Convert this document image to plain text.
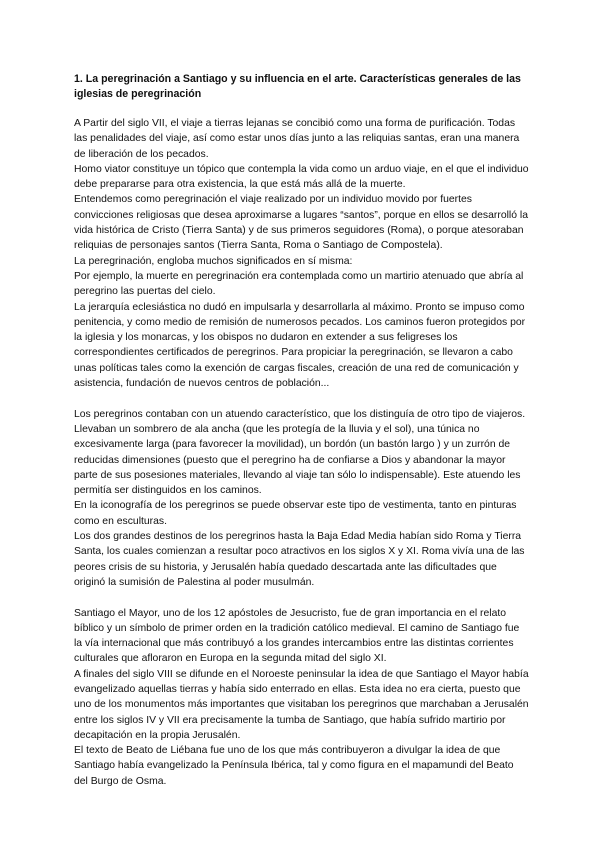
1. La peregrinación a Santiago y su influencia en el arte. Características generales de las iglesias de peregrinación

A Partir del siglo VII, el viaje a tierras lejanas se concibió como una forma de purificación. Todas las penalidades del viaje, así como estar unos días junto a las reliquias santas, eran una manera de liberación de los pecados.

Homo viator constituye un tópico que contempla la vida como un arduo viaje, en el que el individuo debe prepararse para otra existencia, la que está más allá de la muerte.

Entendemos como peregrinación el viaje realizado por un individuo movido por fuertes convicciones religiosas que desea aproximarse a lugares “santos”, porque en ellos se desarrolló la vida histórica de Cristo (Tierra Santa) y de sus primeros seguidores (Roma), o porque atesoraban reliquias de personajes santos (Tierra Santa, Roma o Santiago de Compostela).

La peregrinación, engloba muchos significados en sí misma:

Por ejemplo, la muerte en peregrinación era contemplada como un martirio atenuado que abría al peregrino las puertas del cielo.

La jerarquía eclesiástica no dudó en impulsarla y desarrollarla al máximo. Pronto se impuso como penitencia, y como medio de remisión de numerosos pecados. Los caminos fueron protegidos por la iglesia y los monarcas, y los obispos no dudaron en extender a sus feligreses los correspondientes certificados de peregrinos. Para propiciar la peregrinación, se llevaron a cabo unas políticas tales como la exención de cargas fiscales, creación de una red de comunicación y asistencia, fundación de nuevos centros de población...

Los peregrinos contaban con un atuendo característico, que los distinguía de otro tipo de viajeros. Llevaban un sombrero de ala ancha (que les protegía de la lluvia y el sol), una túnica no excesivamente larga (para favorecer la movilidad), un bordón (un bastón largo ) y un zurrón de reducidas dimensiones (puesto que el peregrino ha de confiarse a Dios y abandonar la mayor parte de sus posesiones materiales, llevando al viaje tan sólo lo indispensable). Este atuendo les permitía ser distinguidos en los caminos.

En la iconografía de los peregrinos se puede observar este tipo de vestimenta, tanto en pinturas como en esculturas.

Los dos grandes destinos de los peregrinos hasta la Baja Edad Media habían sido Roma y Tierra Santa, los cuales comienzan a resultar poco atractivos en los siglos X y XI. Roma vivía una de las peores crisis de su historia, y Jerusalén había quedado descartada ante las dificultades que originó la sumisión de Palestina al poder musulmán.

Santiago el Mayor, uno de los 12 apóstoles de Jesucristo, fue de gran importancia en el relato bíblico y un símbolo de primer orden en la tradición católico medieval. El camino de Santiago fue la vía internacional que más contribuyó a los grandes intercambios entre las distintas corrientes culturales que afloraron en Europa en la segunda mitad del siglo XI.

A finales del siglo VIII se difunde en el Noroeste peninsular la idea de que Santiago el Mayor había evangelizado aquellas tierras y había sido enterrado en ellas. Esta idea no era cierta, puesto que uno de los monumentos más importantes que visitaban los peregrinos que marchaban a Jerusalén entre los siglos IV y VII era precisamente la tumba de Santiago, que había sufrido martirio por decapitación en la propia Jerusalén.

El texto de Beato de Liébana fue uno de los que más contribuyeron a divulgar la idea de que Santiago había evangelizado la Península Ibérica, tal y como figura en el mapamundi del Beato del Burgo de Osma.
